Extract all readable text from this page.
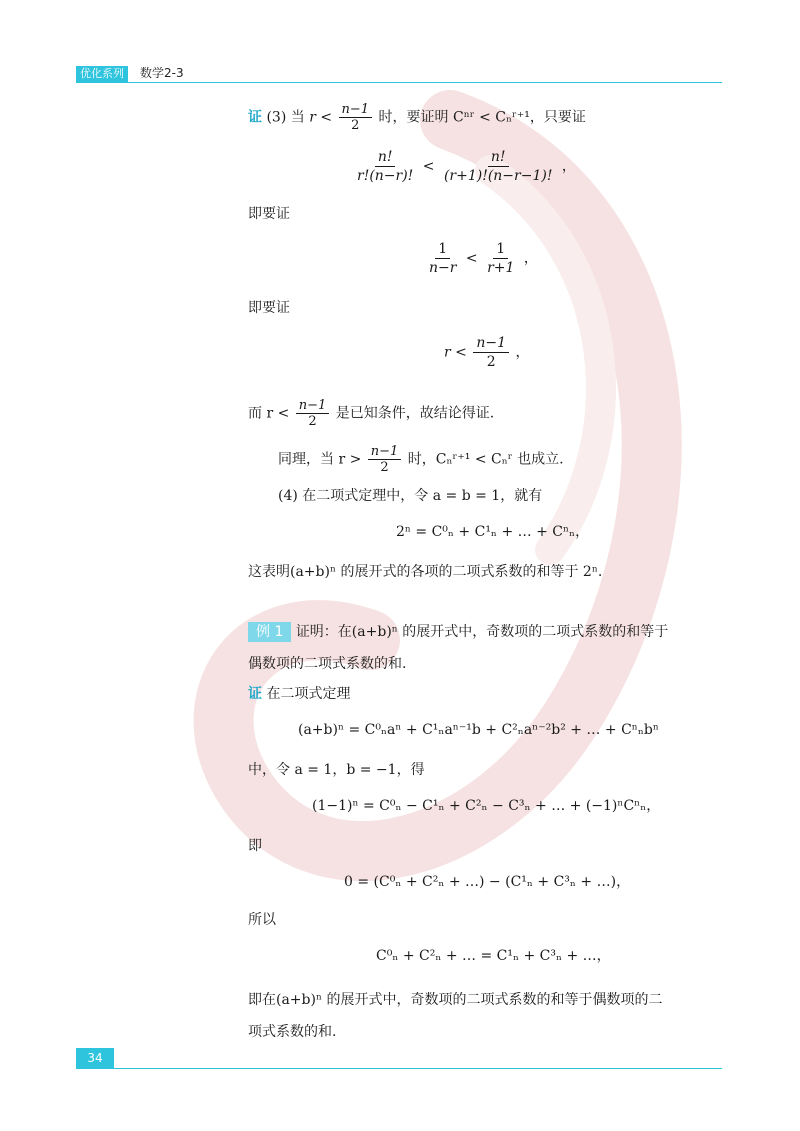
优化系列	数学2-3
证 (3) 当 $r < \frac{n-1}{2}$ 时，要证明 Cⁿʳ < Cₙʳ⁺¹，只要证
$\frac{n!}{r!(n-r)!} < \frac{n!}{(r+1)!(n-r-1)!}$ ，
即要证
$\frac{1}{n-r} < \frac{1}{r+1}$ ，
即要证
$r < \frac{n-1}{2}$ ，
而 $r < \frac{n-1}{2}$ 是已知条件，故结论得证.
同理，当 $r > \frac{n-1}{2}$ 时，Cₙʳ⁺¹ < Cₙʳ 也成立.
(4) 在二项式定理中，令 a = b = 1，就有
2ⁿ = C⁰ₙ + C¹ₙ + … + Cⁿₙ，
这表明(a+b)ⁿ 的展开式的各项的二项式系数的和等于 2ⁿ.
例 1 证明：在(a+b)ⁿ 的展开式中，奇数项的二项式系数的和等于
偶数项的二项式系数的和.
证 在二项式定理
(a+b)ⁿ = C⁰ₙaⁿ + C¹ₙaⁿ⁻¹b + C²ₙaⁿ⁻²b² + … + Cⁿₙbⁿ
中，令 a = 1，b = −1，得
(1−1)ⁿ = C⁰ₙ − C¹ₙ + C²ₙ − C³ₙ + … + (−1)ⁿCⁿₙ，
即
0 = (C⁰ₙ + C²ₙ + …) − (C¹ₙ + C³ₙ + …)，
所以
C⁰ₙ + C²ₙ + … = C¹ₙ + C³ₙ + …，
即在(a+b)ⁿ 的展开式中，奇数项的二项式系数的和等于偶数项的二
项式系数的和.
34
